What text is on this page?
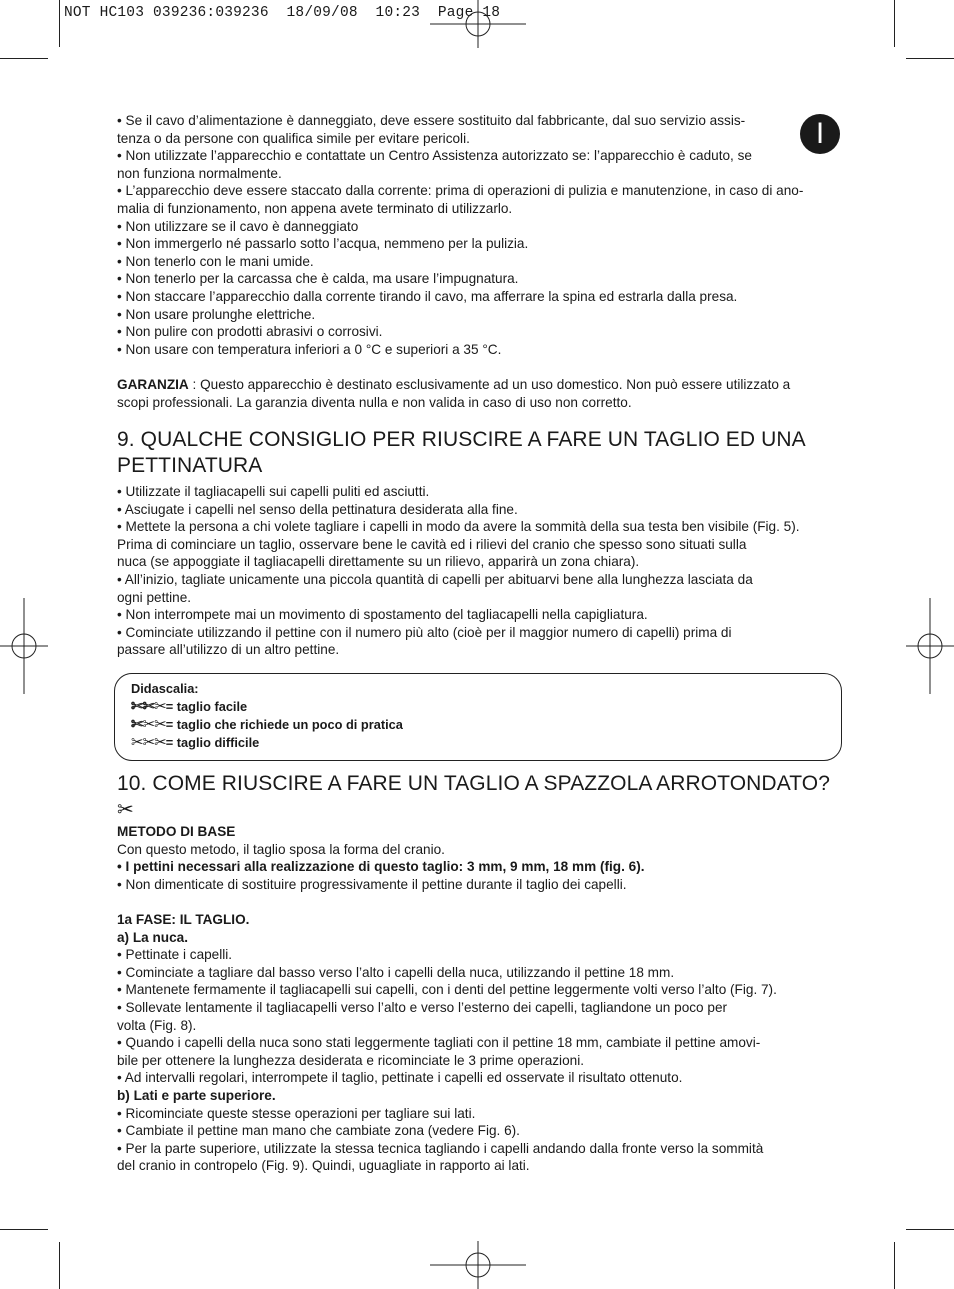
NOT HC103 039236:039236  18/09/08  10:23  Page 18
I

• Se il cavo d’alimentazione è danneggiato, deve essere sostituito dal fabbricante, dal suo servizio assis-

tenza o da persone con qualifica simile per evitare pericoli.

• Non utilizzate l’apparecchio e contattate un Centro Assistenza autorizzato se: l’apparecchio è caduto, se

non funziona normalmente.

• L’apparecchio deve essere staccato dalla corrente: prima di operazioni di pulizia e manutenzione, in caso di ano-

malia di funzionamento, non appena avete terminato di utilizzarlo.

• Non utilizzare se il cavo è danneggiato

• Non immergerlo né passarlo sotto l’acqua, nemmeno per la pulizia.

• Non tenerlo con le mani umide.

• Non tenerlo per la carcassa che è calda, ma usare l’impugnatura.

• Non staccare l’apparecchio dalla corrente tirando il cavo, ma afferrare la spina ed estrarla dalla presa.

• Non usare prolunghe elettriche.

• Non pulire con prodotti abrasivi o corrosivi.

• Non usare con temperatura inferiori a 0 °C e superiori a 35 °C.

GARANZIA : Questo apparecchio è destinato esclusivamente ad un uso domestico. Non può essere utilizzato a

scopi professionali. La garanzia diventa nulla e non valida in caso di uso non corretto.

9. QUALCHE CONSIGLIO PER RIUSCIRE A FARE UN TAGLIO ED UNA
PETTINATURA

• Utilizzate il tagliacapelli sui capelli puliti ed asciutti.

• Asciugate i capelli nel senso della pettinatura desiderata alla fine.

• Mettete la persona a chi volete tagliare i capelli in modo da avere la sommità della sua testa ben visibile (Fig. 5).

Prima di cominciare un taglio, osservare bene le cavità ed i rilievi del cranio che spesso sono situati sulla

nuca (se appoggiate il tagliacapelli direttamente su un rilievo, apparirà un zona chiara).

• All’inizio, tagliate unicamente una piccola quantità di capelli per abituarvi bene alla lunghezza lasciata da

ogni pettine.

• Non interrompete mai un movimento di spostamento del tagliacapelli nella capigliatura.

• Cominciate utilizzando il pettine con il numero più alto (cioè per il maggior numero di capelli) prima di

passare all’utilizzo di un altro pettine.

Didascalia:
✂✂✂= taglio facile
✂✂✂= taglio che richiede un poco di pratica
✂✂✂= taglio difficile
10. COME RIUSCIRE A FARE UN TAGLIO A SPAZZOLA ARROTONDATO? ✂

METODO DI BASE

Con questo metodo, il taglio sposa la forma del cranio.

• I pettini necessari alla realizzazione di questo taglio: 3 mm, 9 mm, 18 mm (fig. 6).

• Non dimenticate di sostituire progressivamente il pettine durante il taglio dei capelli.

1a FASE: IL TAGLIO.

a) La nuca.

• Pettinate i capelli.

• Cominciate a tagliare dal basso verso l’alto i capelli della nuca, utilizzando il pettine 18 mm.

• Mantenete fermamente il tagliacapelli sui capelli, con i denti del pettine leggermente volti verso l’alto (Fig. 7).

• Sollevate lentamente il tagliacapelli verso l’alto e verso l’esterno dei capelli, tagliandone un poco per

volta (Fig. 8).

• Quando i capelli della nuca sono stati leggermente tagliati con il pettine 18 mm, cambiate il pettine amovi-

bile per ottenere la lunghezza desiderata e ricominciate le 3 prime operazioni.

• Ad intervalli regolari, interrompete il taglio, pettinate i capelli ed osservate il risultato ottenuto.

b) Lati e parte superiore.

• Ricominciate queste stesse operazioni per tagliare sui lati.

• Cambiate il pettine man mano che cambiate zona (vedere Fig. 6).

• Per la parte superiore, utilizzate la stessa tecnica tagliando i capelli andando dalla fronte verso la sommità

del cranio in contropelo (Fig. 9). Quindi, uguagliate in rapporto ai lati.
